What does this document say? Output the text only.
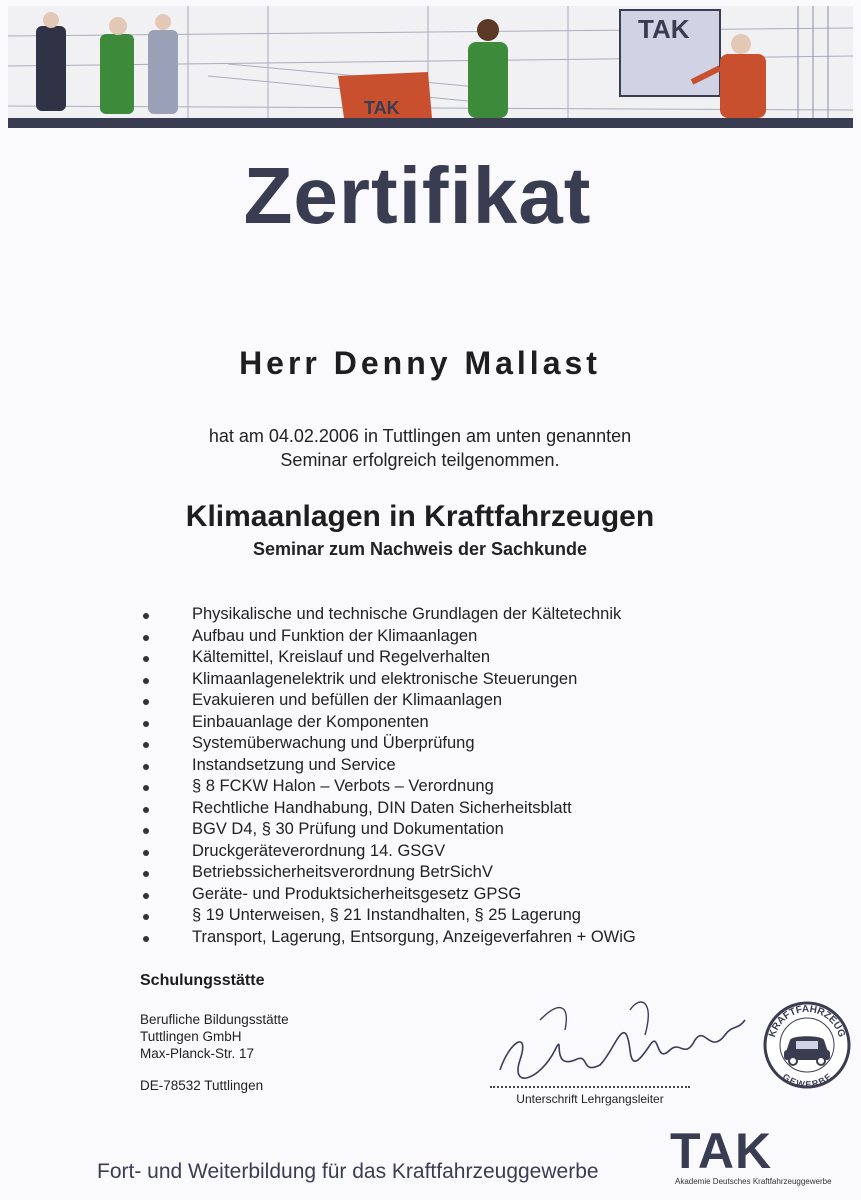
TAK
TAK
Zertifikat
Herr Denny Mallast
hat am 04.02.2006 in Tuttlingen am unten genannten
Seminar erfolgreich teilgenommen.
Klimaanlagen in Kraftfahrzeugen
Seminar zum Nachweis der Sachkunde
Physikalische und technische Grundlagen der Kältetechnik
Aufbau und Funktion der Klimaanlagen
Kältemittel, Kreislauf und Regelverhalten
Klimaanlagenelektrik und elektronische Steuerungen
Evakuieren und befüllen der Klimaanlagen
Einbauanlage der Komponenten
Systemüberwachung und Überprüfung
Instandsetzung und Service
§ 8 FCKW Halon – Verbots – Verordnung
Rechtliche Handhabung, DIN Daten Sicherheitsblatt
BGV D4, § 30 Prüfung und Dokumentation
Druckgeräteverordnung 14. GSGV
Betriebssicherheitsverordnung BetrSichV
Geräte- und Produktsicherheitsgesetz GPSG
§ 19 Unterweisen, § 21 Instandhalten, § 25 Lagerung
Transport, Lagerung, Entsorgung, Anzeigeverfahren + OWiG
Schulungsstätte
Berufliche Bildungsstätte
Tuttlingen GmbH
Max-Planck-Str. 17
DE-78532 Tuttlingen
Unterschrift Lehrgangsleiter
KRAFTFAHRZEUG
GEWERBE
Fort- und Weiterbildung für das Kraftfahrzeuggewerbe TAK
Akademie Deutsches Kraftfahrzeuggewerbe
